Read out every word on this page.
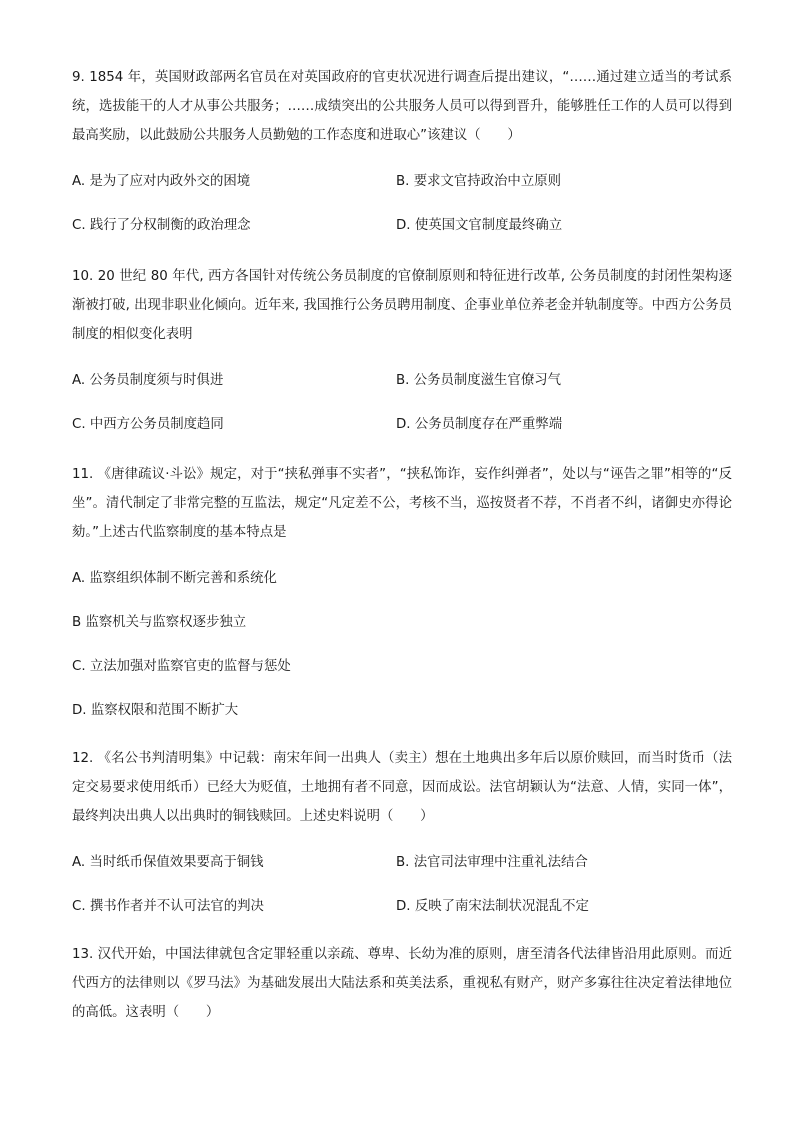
9. 1854 年，英国财政部两名官员在对英国政府的官吏状况进行调查后提出建议，“……通过建立适当的考试系统，选拔能干的人才从事公共服务；……成绩突出的公共服务人员可以得到晋升，能够胜任工作的人员可以得到最高奖励，以此鼓励公共服务人员勤勉的工作态度和进取心”该建议（　　）

A. 是为了应对内政外交的困境	B. 要求文官持政治中立原则
C. 践行了分权制衡的政治理念	D. 使英国文官制度最终确立

10. 20 世纪 80 年代, 西方各国针对传统公务员制度的官僚制原则和特征进行改革, 公务员制度的封闭性架构逐渐被打破, 出现非职业化倾向。近年来, 我国推行公务员聘用制度、企事业单位养老金并轨制度等。中西方公务员制度的相似变化表明

A. 公务员制度须与时俱进	B. 公务员制度滋生官僚习气
C. 中西方公务员制度趋同	D. 公务员制度存在严重弊端

11. 《唐律疏议·斗讼》规定，对于“挟私弹事不实者”，“挟私饰诈，妄作纠弹者”，处以与“诬告之罪”相等的“反坐”。清代制定了非常完整的互监法，规定“凡定差不公，考核不当，巡按贤者不荐，不肖者不纠，诸御史亦得论劾。”上述古代监察制度的基本特点是

A. 监察组织体制不断完善和系统化
B 监察机关与监察权逐步独立
C. 立法加强对监察官吏的监督与惩处
D. 监察权限和范围不断扩大

12. 《名公书判清明集》中记载：南宋年间一出典人（卖主）想在土地典出多年后以原价赎回，而当时货币（法定交易要求使用纸币）已经大为贬值，土地拥有者不同意，因而成讼。法官胡颖认为“法意、人情，实同一体”，最终判决出典人以出典时的铜钱赎回。上述史料说明（　　）

A. 当时纸币保值效果要高于铜钱	B. 法官司法审理中注重礼法结合
C. 撰书作者并不认可法官的判决	D. 反映了南宋法制状况混乱不定

13. 汉代开始，中国法律就包含定罪轻重以亲疏、尊卑、长幼为准的原则，唐至清各代法律皆沿用此原则。而近代西方的法律则以《罗马法》为基础发展出大陆法系和英美法系，重视私有财产，财产多寡往往决定着法律地位的高低。这表明（　　）
